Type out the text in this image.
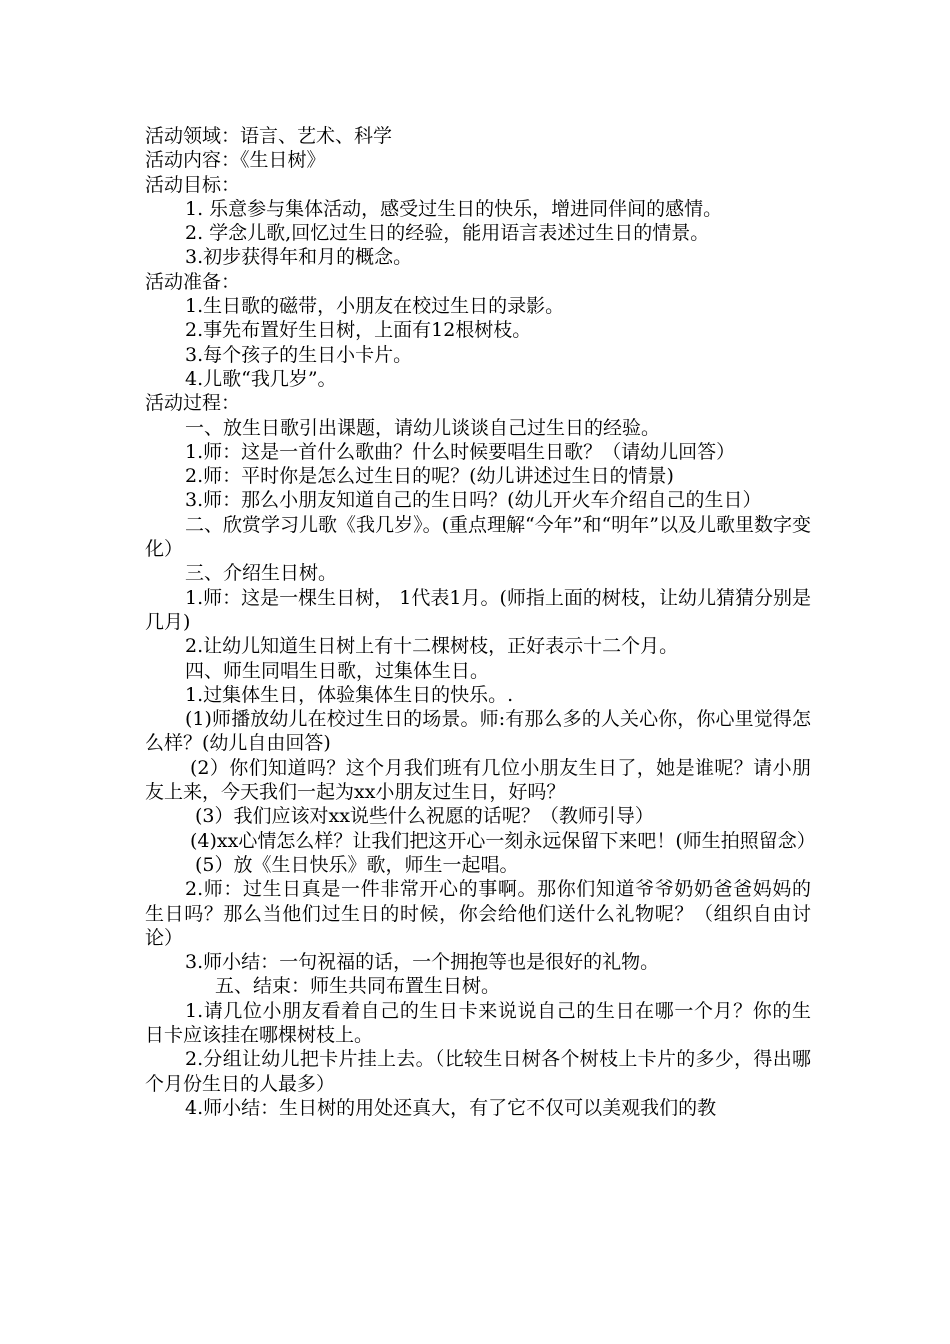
活动领域：语言、艺术、科学

活动内容：《生日树》

活动目标：

1. 乐意参与集体活动，感受过生日的快乐，增进同伴间的感情。

2. 学念儿歌,回忆过生日的经验，能用语言表述过生日的情景。

3.初步获得年和月的概念。

活动准备：

1.生日歌的磁带，小朋友在校过生日的录影。

2.事先布置好生日树，上面有12根树枝。

3.每个孩子的生日小卡片。

4.儿歌“我几岁”。

活动过程：

一、放生日歌引出课题，请幼儿谈谈自己过生日的经验。

1.师：这是一首什么歌曲？什么时候要唱生日歌？（请幼儿回答）

2.师：平时你是怎么过生日的呢？(幼儿讲述过生日的情景)

3.师：那么小朋友知道自己的生日吗？(幼儿开火车介绍自己的生日）

二、欣赏学习儿歌《我几岁》。(重点理解“今年”和“明年”以及儿歌里数字变化）

三、介绍生日树。

1.师：这是一棵生日树， 1代表1月。(师指上面的树枝，让幼儿猜猜分别是几月)

2.让幼儿知道生日树上有十二棵树枝，正好表示十二个月。

四、师生同唱生日歌，过集体生日。

1.过集体生日，体验集体生日的快乐。.

(1)师播放幼儿在校过生日的场景。师:有那么多的人关心你，你心里觉得怎么样？(幼儿自由回答)

(2）你们知道吗？这个月我们班有几位小朋友生日了，她是谁呢？请小朋友上来，今天我们一起为xx小朋友过生日，好吗？

(3）我们应该对xx说些什么祝愿的话呢？（教师引导）

(4)xx心情怎么样？让我们把这开心一刻永远保留下来吧！(师生拍照留念）

(5）放《生日快乐》歌，师生一起唱。

2.师：过生日真是一件非常开心的事啊。那你们知道爷爷奶奶爸爸妈妈的生日吗？那么当他们过生日的时候，你会给他们送什么礼物呢？（组织自由讨论）

3.师小结：一句祝福的话，一个拥抱等也是很好的礼物。

五、结束：师生共同布置生日树。

1.请几位小朋友看着自己的生日卡来说说自己的生日在哪一个月？你的生日卡应该挂在哪棵树枝上。

2.分组让幼儿把卡片挂上去。（比较生日树各个树枝上卡片的多少，得出哪个月份生日的人最多）

4.师小结：生日树的用处还真大，有了它不仅可以美观我们的教
